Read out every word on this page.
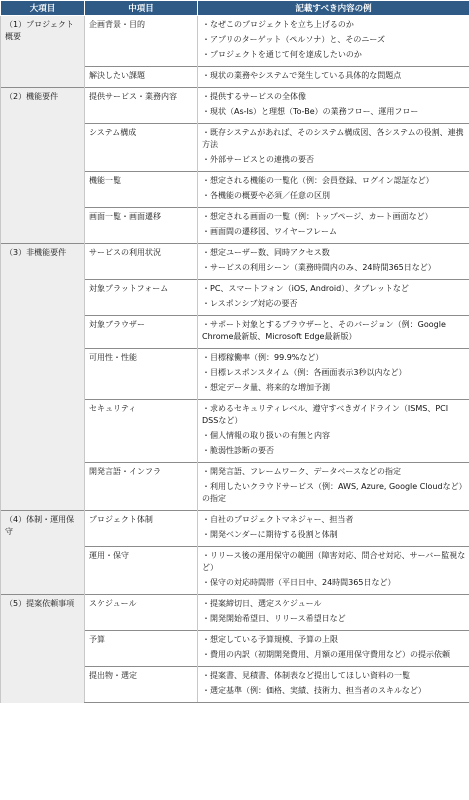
大項目	中項目	記載すべき内容の例
（1）プロジェクト概要	企画背景・目的	・ なぜこのプロジェクトを立ち上げるのか
・ アプリのターゲット（ペルソナ）と、そのニーズ
・ プロジェクトを通じて何を達成したいのか

	解決したい課題	・ 現状の業務やシステムで発生している具体的な問題点

（2）機能要件	提供サービス・業務内容	・ 提供するサービスの全体像
・ 現状（As-Is）と理想（To-Be）の業務フロー、運用フロー

	システム構成	・ 既存システムがあれば、そのシステム構成図、各システムの役割、連携方法
・ 外部サービスとの連携の要否

	機能一覧	・ 想定される機能の一覧化（例：会員登録、ログイン認証など）
・ 各機能の概要や必須／任意の区別

	画面一覧・画面遷移	・ 想定される画面の一覧（例：トップページ、カート画面など）
・ 画面間の遷移図、ワイヤーフレーム

（3）非機能要件	サービスの利用状況	・ 想定ユーザー数、同時アクセス数
・ サービスの利用シーン（業務時間内のみ、24時間365日など）

	対象プラットフォーム	・ PC、スマートフォン（iOS, Android）、タブレットなど
・ レスポンシブ対応の要否

	対象ブラウザー	・ サポート対象とするブラウザーと、そのバージョン（例：Google Chrome最新版、Microsoft Edge最新版）

	可用性・性能	・ 目標稼働率（例：99.9%など）
・ 目標レスポンスタイム（例：各画面表示3秒以内など）
・ 想定データ量、将来的な増加予測

	セキュリティ	・ 求めるセキュリティレベル、遵守すべきガイドライン（ISMS、PCI DSSなど）
・ 個人情報の取り扱いの有無と内容
・ 脆弱性診断の要否

	開発言語・インフラ	・ 開発言語、フレームワーク、データベースなどの指定
・ 利用したいクラウドサービス（例：AWS, Azure, Google Cloudなど）の指定

（4）体制・運用保守	プロジェクト体制	・ 自社のプロジェクトマネジャー、担当者
・ 開発ベンダーに期待する役割と体制

	運用・保守	・ リリース後の運用保守の範囲（障害対応、問合せ対応、サーバー監視など）
・ 保守の対応時間帯（平日日中、24時間365日など）

（5）提案依頼事項	スケジュール	・ 提案締切日、選定スケジュール
・ 開発開始希望日、リリース希望日など

	予算	・ 想定している予算規模、予算の上限
・ 費用の内訳（初期開発費用、月額の運用保守費用など）の提示依頼

	提出物・選定	・ 提案書、見積書、体制表など提出してほしい資料の一覧
・ 選定基準（例：価格、実績、技術力、担当者のスキルなど）
